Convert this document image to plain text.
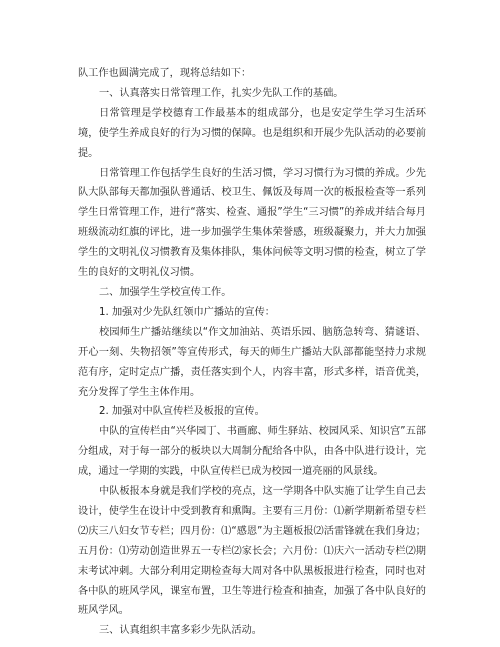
队工作也圆满完成了，现将总结如下：

一、认真落实日常管理工作，扎实少先队工作的基础。

日常管理是学校德育工作最基本的组成部分，也是安定学生学习生活环境，使学生养成良好的行为习惯的保障。也是组织和开展少先队活动的必要前提。

日常管理工作包括学生良好的生活习惯，学习习惯行为习惯的养成。少先队大队部每天都加强队普通话、校卫生、佩饭及每周一次的板报检查等一系列学生日常管理工作，进行“落实、检查、通报”学生“三习惯”的养成并结合每月班级流动红旗的评比，进一步加强学生集体荣誉感，班级凝聚力，并大力加强学生的文明礼仪习惯教育及集体排队，集体问候等文明习惯的检查，树立了学生的良好的文明礼仪习惯。

二、加强学生学校宣传工作。

1. 加强对少先队红领巾广播站的宣传：

校园师生广播站继续以“作文加油站、英语乐园、脑筋急转弯、猜谜语、开心一刻、失物招领”等宣传形式，每天的师生广播站大队部都能坚持力求规范有序，定时定点广播，责任落实到个人，内容丰富，形式多样，语音优美，充分发挥了学生主体作用。

2. 加强对中队宣传栏及板报的宣传。

中队的宣传栏由“兴华园丁、书画廊、师生驿站、校园风采、知识宫”五部分组成，对于每一部分的板块以大周制分配给各中队，由各中队进行设计，完成，通过一学期的实践，中队宣传栏已成为校园一道亮丽的风景线。

中队板报本身就是我们学校的亮点，这一学期各中队实施了让学生自己去设计，使学生在设计中受到教育和熏陶。主要有三月份：⑴新学期新希望专栏⑵庆三八妇女节专栏；四月份：⑴“感恩”为主题板报⑵活雷锋就在我们身边；五月份：⑴劳动创造世界五一专栏⑵家长会；六月份：⑴庆六一活动专栏⑵期末考试冲刺。大部分利用定期检查每大周对各中队黑板报进行检查，同时也对各中队的班风学风，课室布置，卫生等进行检查和抽查，加强了各中队良好的班风学风。

三、认真组织丰富多彩少先队活动。
